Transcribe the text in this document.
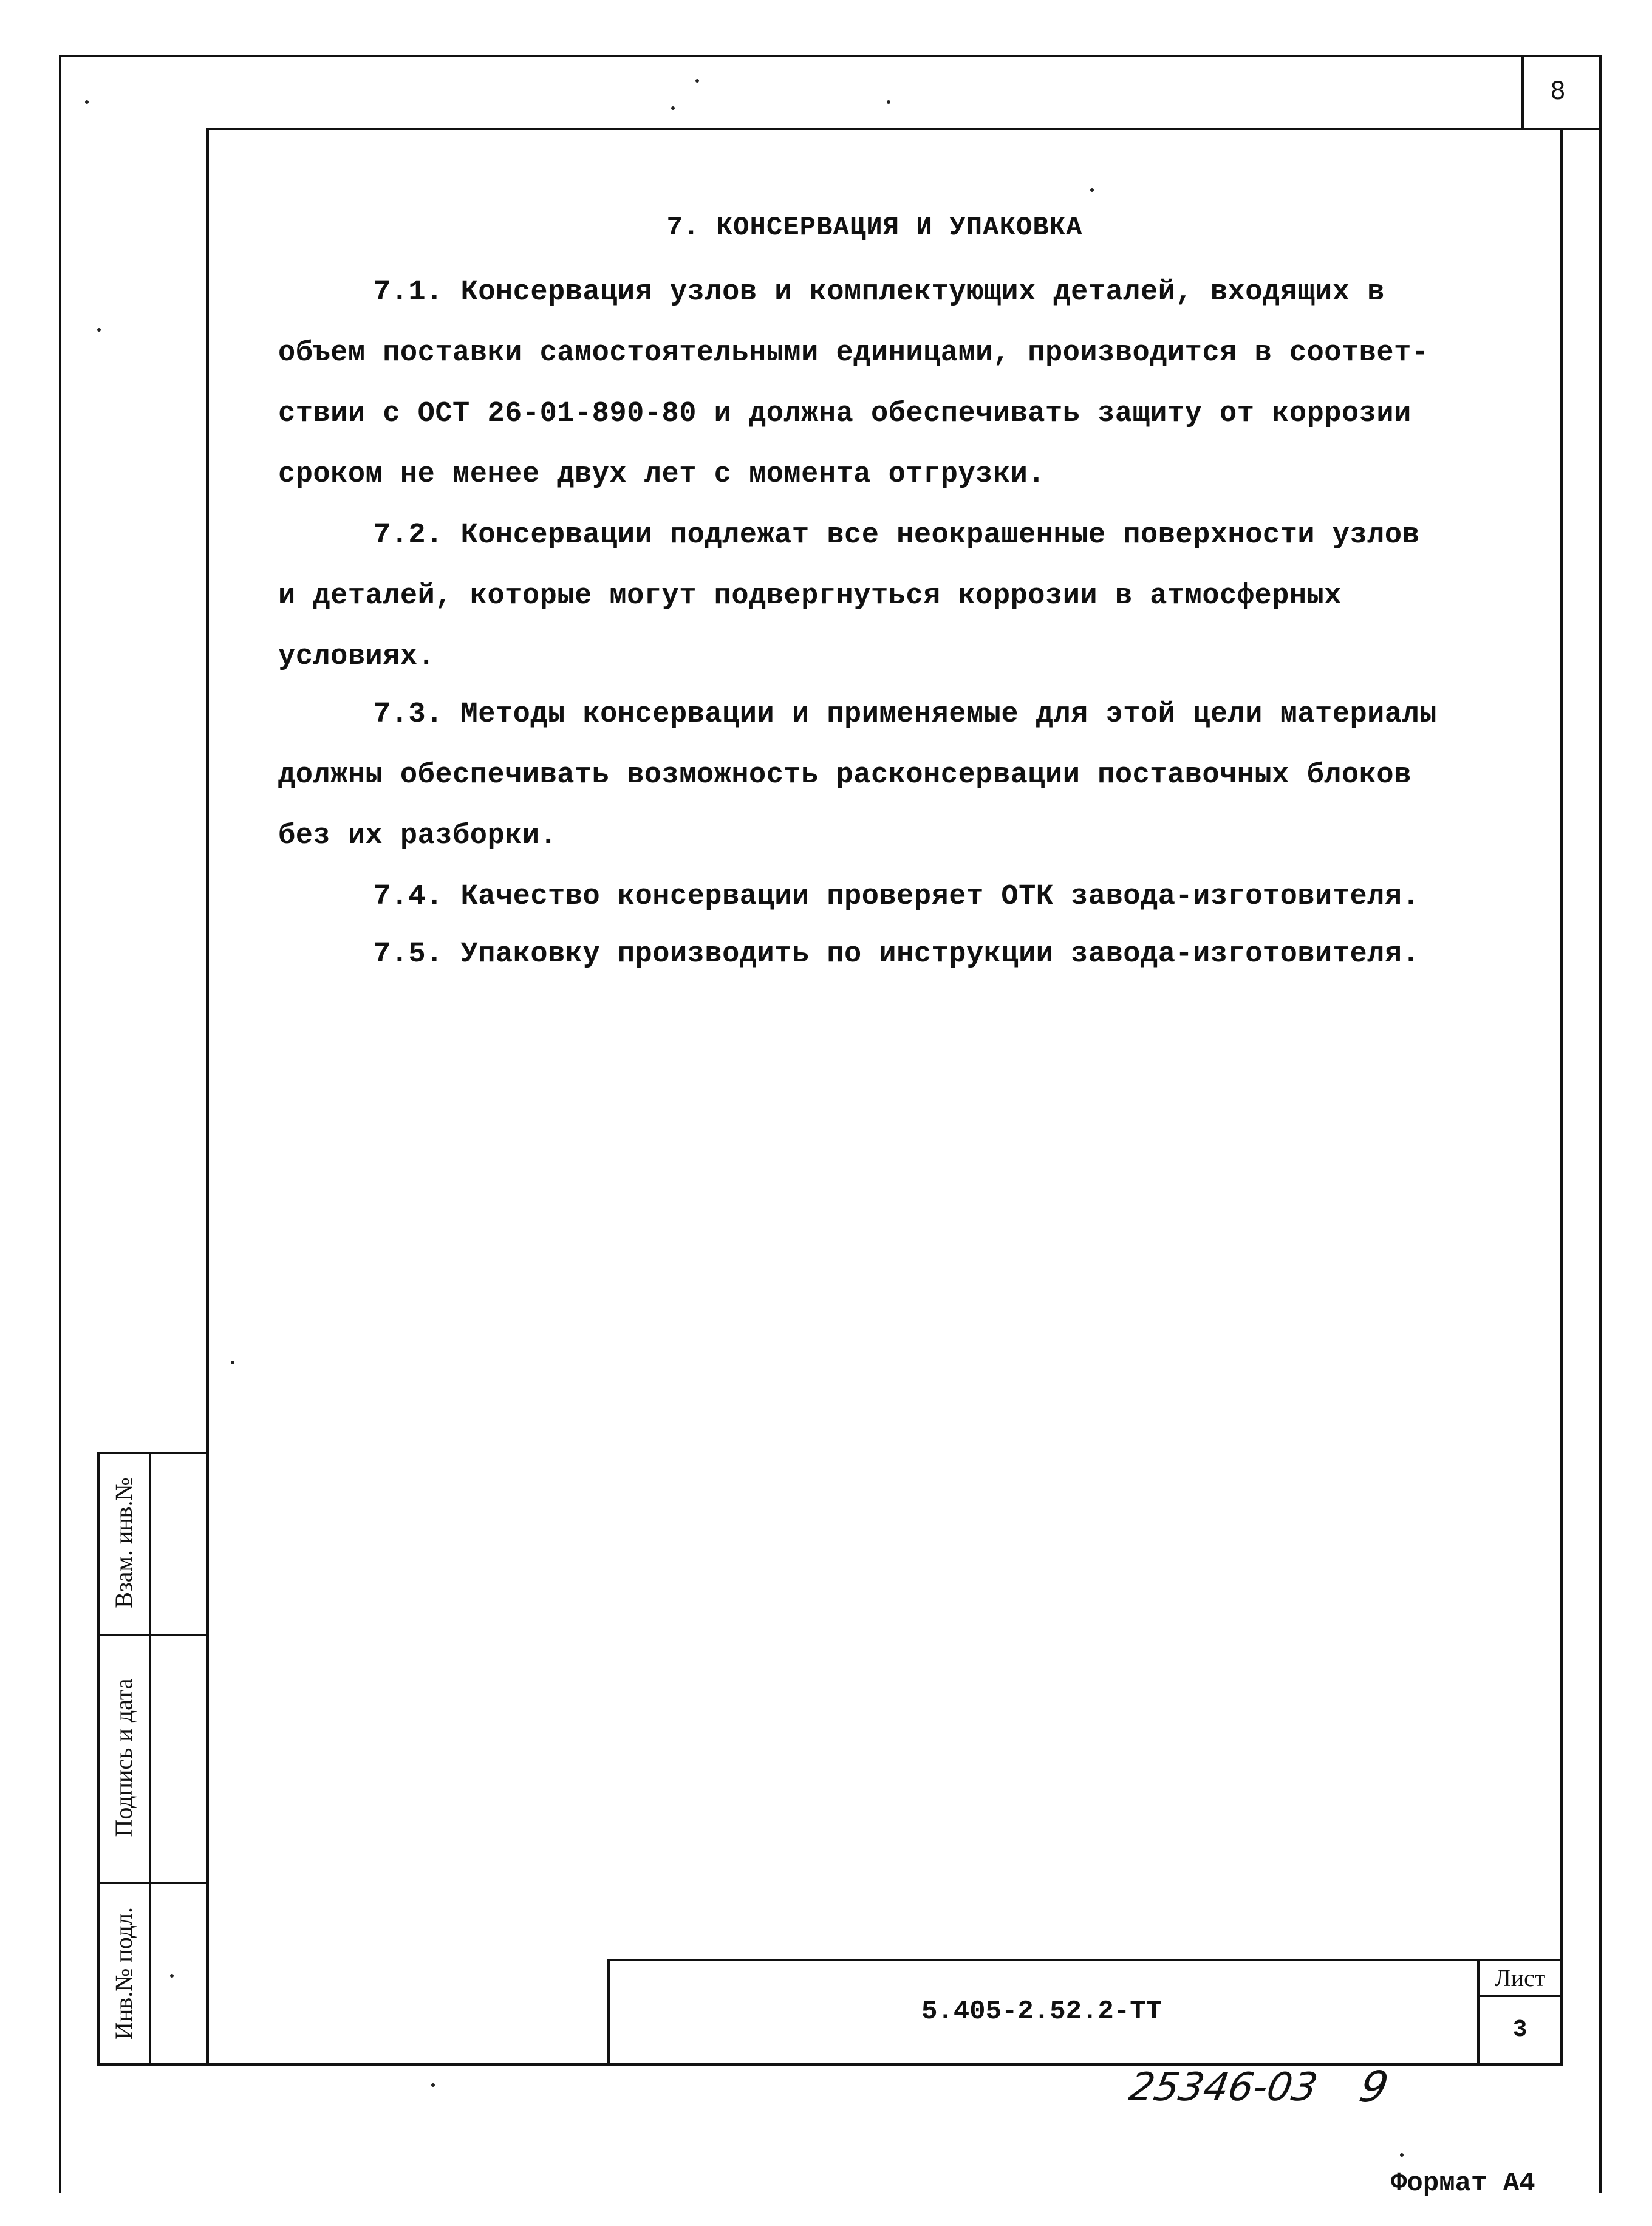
8
7. КОНСЕРВАЦИЯ И УПАКОВКА
7.1. Консервация узлов и комплектующих деталей, входящих в
объем поставки самостоятельными единицами, производится в соответ-
ствии с ОСТ 26-01-890-80 и должна обеспечивать защиту от коррозии
сроком не менее двух лет с момента отгрузки.
7.2. Консервации подлежат все неокрашенные поверхности узлов
и деталей, которые могут подвергнуться коррозии в атмосферных
условиях.
7.3. Методы консервации и применяемые для этой цели материалы
должны обеспечивать возможность расконсервации поставочных блоков
без их разборки.
7.4. Качество консервации проверяет ОТК завода-изготовителя.
7.5. Упаковку производить по инструкции завода-изготовителя.
Взам. инв.№
Подпись и дата
Инв.№ подл.	5.405-2.52.2-ТТ
Лист
3
25346-03 9
Формат А4
